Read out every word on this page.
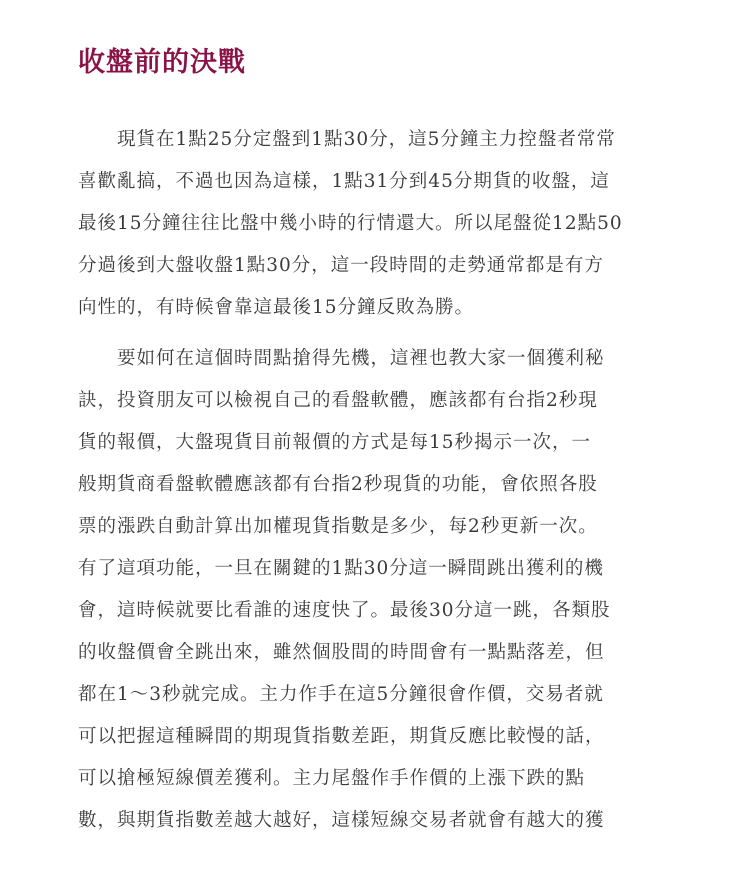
收盤前的決戰
　　現貨在1點25分定盤到1點30分，這5分鐘主力控盤者常常
喜歡亂搞，不過也因為這樣，1點31分到45分期貨的收盤，這
最後15分鐘往往比盤中幾小時的行情還大。所以尾盤從12點50
分過後到大盤收盤1點30分，這一段時間的走勢通常都是有方
向性的，有時候會靠這最後15分鐘反敗為勝。
　　要如何在這個時間點搶得先機，這裡也教大家一個獲利秘
訣，投資朋友可以檢視自己的看盤軟體，應該都有台指2秒現
貨的報價，大盤現貨目前報價的方式是每15秒揭示一次，一
般期貨商看盤軟體應該都有台指2秒現貨的功能，會依照各股
票的漲跌自動計算出加權現貨指數是多少，每2秒更新一次。
有了這項功能，一旦在關鍵的1點30分這一瞬間跳出獲利的機
會，這時候就要比看誰的速度快了。最後30分這一跳，各類股
的收盤價會全跳出來，雖然個股間的時間會有一點點落差，但
都在1～3秒就完成。主力作手在這5分鐘很會作價，交易者就
可以把握這種瞬間的期現貨指數差距，期貨反應比較慢的話，
可以搶極短線價差獲利。主力尾盤作手作價的上漲下跌的點
數，與期貨指數差越大越好，這樣短線交易者就會有越大的獲
